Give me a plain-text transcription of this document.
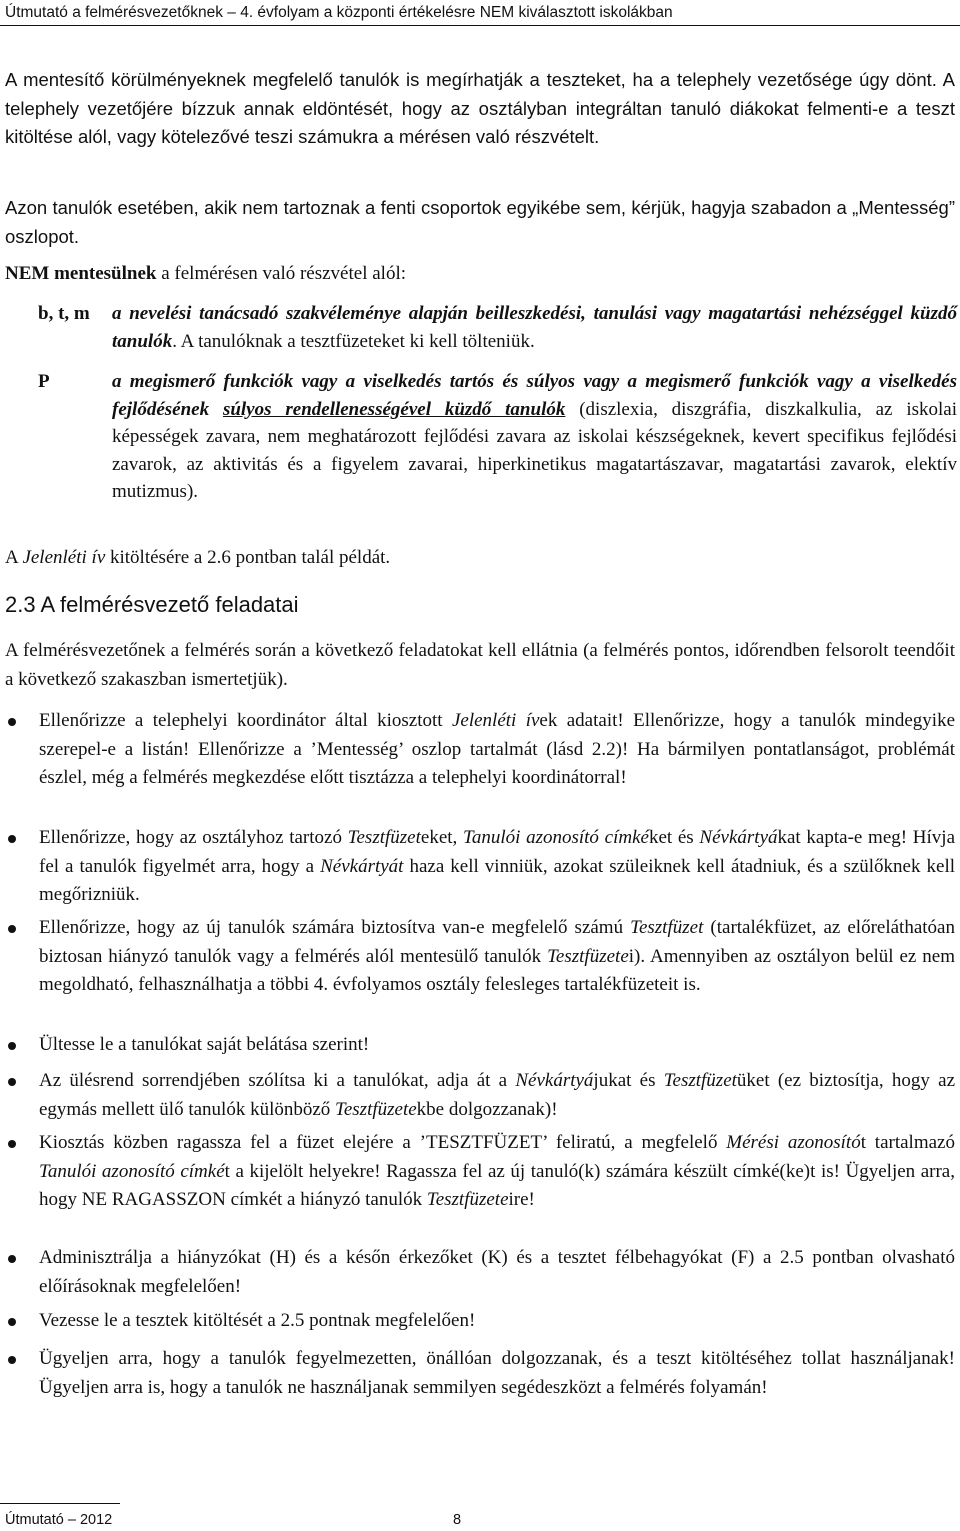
Útmutató a felmérésvezetőknek – 4. évfolyam a központi értékelésre NEM kiválasztott iskolákban

A mentesítő körülményeknek megfelelő tanulók is megírhatják a teszteket, ha a telephely vezetősége úgy dönt. A telephely vezetőjére bízzuk annak eldöntését, hogy az osztályban integráltan tanuló diákokat felmenti-e a teszt kitöltése alól, vagy kötelezővé teszi számukra a mérésen való részvételt.

Azon tanulók esetében, akik nem tartoznak a fenti csoportok egyikébe sem, kérjük, hagyja szabadon a „Mentesség” oszlopot.

NEM mentesülnek a felmérésen való részvétel alól:

b, t, m a nevelési tanácsadó szakvéleménye alapján beilleszkedési, tanulási vagy magatartási nehézséggel küzdő tanulók. A tanulóknak a tesztfüzeteket ki kell tölteniük.
P	a megismerő funkciók vagy a viselkedés tartós és súlyos vagy a megismerő funkciók vagy a viselkedés fejlődésének súlyos rendellenességével küzdő tanulók (diszlexia, diszgráfia, diszkalkulia, az iskolai képességek zavara, nem meghatározott fejlődési zavara az iskolai készségeknek, kevert specifikus fejlődési zavarok, az aktivitás és a figyelem zavarai, hiperkinetikus magatartászavar, magatartási zavarok, elektív mutizmus).

A Jelenléti ív kitöltésére a 2.6 pontban talál példát.

2.3 A felmérésvezető feladatai

A felmérésvezetőnek a felmérés során a következő feladatokat kell ellátnia (a felmérés pontos, időrendben felsorolt teendőit a következő szakaszban ismertetjük).

Ellenőrizze a telephelyi koordinátor által kiosztott Jelenléti ívek adatait! Ellenőrizze, hogy a tanulók mindegyike szerepel-e a listán! Ellenőrizze a ’Mentesség’ oszlop tartalmát (lásd 2.2)! Ha bármilyen pontatlanságot, problémát észlel, még a felmérés megkezdése előtt tisztázza a telephelyi koordinátorral!
Ellenőrizze, hogy az osztályhoz tartozó Tesztfüzeteket, Tanulói azonosító címkéket és Névkártyákat kapta-e meg! Hívja fel a tanulók figyelmét arra, hogy a Névkártyát haza kell vinniük, azokat szüleiknek kell átadniuk, és a szülőknek kell megőrizniük.
Ellenőrizze, hogy az új tanulók számára biztosítva van-e megfelelő számú Tesztfüzet (tartalékfüzet, az előreláthatóan biztosan hiányzó tanulók vagy a felmérés alól mentesülő tanulók Tesztfüzetei). Amennyiben az osztályon belül ez nem megoldható, felhasználhatja a többi 4. évfolyamos osztály felesleges tartalékfüzeteit is.
Ültesse le a tanulókat saját belátása szerint!
Az ülésrend sorrendjében szólítsa ki a tanulókat, adja át a Névkártyájukat és Tesztfüzetüket (ez biztosítja, hogy az egymás mellett ülő tanulók különböző Tesztfüzetekbe dolgozzanak)!
Kiosztás közben ragassza fel a füzet elejére a ’TESZTFÜZET’ feliratú, a megfelelő Mérési azonosítót tartalmazó Tanulói azonosító címkét a kijelölt helyekre! Ragassza fel az új tanuló(k) számára készült címké(ke)t is! Ügyeljen arra, hogy NE RAGASSZON címkét a hiányzó tanulók Tesztfüzeteire!
Adminisztrálja a hiányzókat (H) és a későn érkezőket (K) és a tesztet félbehagyókat (F) a 2.5 pontban olvasható előírásoknak megfelelően!
Vezesse le a tesztek kitöltését a 2.5 pontnak megfelelően!
Ügyeljen arra, hogy a tanulók fegyelmezetten, önállóan dolgozzanak, és a teszt kitöltéséhez tollat használjanak! Ügyeljen arra is, hogy a tanulók ne használjanak semmilyen segédeszközt a felmérés folyamán!
Útmutató – 2012	8
